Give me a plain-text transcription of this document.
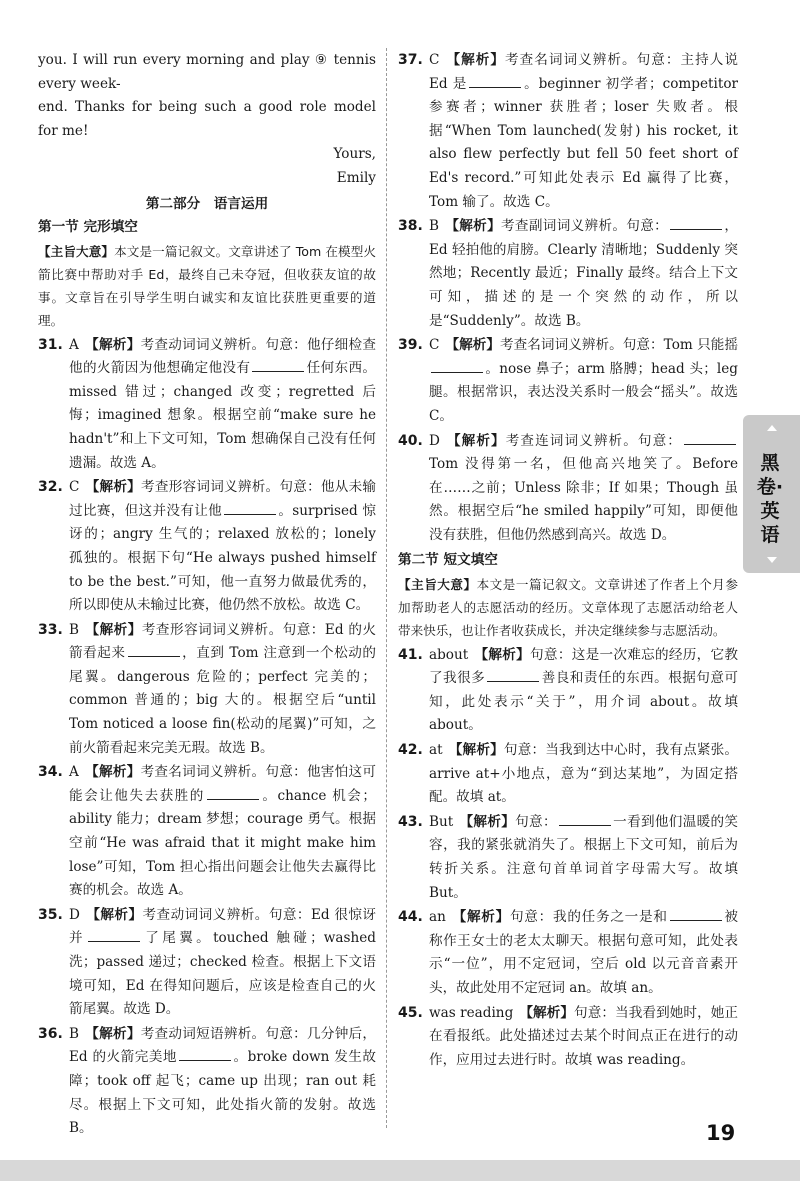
you. I will run every morning and play ⑨ tennis every week-

end. Thanks for being such a good role model for me!

Yours,

Emily

第二部分　语言运用

第一节 完形填空

【主旨大意】本文是一篇记叙文。文章讲述了 Tom 在模型火箭比赛中帮助对手 Ed，最终自己未夺冠，但收获友谊的故事。文章旨在引导学生明白诚实和友谊比获胜更重要的道理。

31. A 【解析】考查动词词义辨析。句意：他仔细检查他的火箭因为他想确定他没有	任何东西。missed 错过；changed 改变；regretted 后悔；imagined 想象。根据空前“make sure he hadn't”和上下文可知，Tom 想确保自己没有任何遗漏。故选 A。

32. C 【解析】考查形容词词义辨析。句意：他从未输过比赛，但这并没有让他	。surprised 惊讶的；angry 生气的；relaxed 放松的；lonely 孤独的。根据下句“He always pushed himself to be the best.”可知，他一直努力做最优秀的，所以即使从未输过比赛，他仍然不放松。故选 C。

33. B 【解析】考查形容词词义辨析。句意：Ed 的火箭看起来	，直到 Tom 注意到一个松动的尾翼。dangerous 危险的；perfect 完美的；common 普通的；big 大的。根据空后“until Tom noticed a loose fin(松动的尾翼)”可知，之前火箭看起来完美无瑕。故选 B。

34. A 【解析】考查名词词义辨析。句意：他害怕这可能会让他失去获胜的	。chance 机会；ability 能力；dream 梦想；courage 勇气。根据空前“He was afraid that it might make him lose”可知，Tom 担心指出问题会让他失去赢得比赛的机会。故选 A。

35. D 【解析】考查动词词义辨析。句意：Ed 很惊讶并	了尾翼。touched 触碰；washed 洗；passed 递过；checked 检查。根据上下文语境可知，Ed 在得知问题后，应该是检查自己的火箭尾翼。故选 D。

36. B 【解析】考查动词短语辨析。句意：几分钟后，Ed 的火箭完美地	。broke down 发生故障；took off 起飞；came up 出现；ran out 耗尽。根据上下文可知，此处指火箭的发射。故选 B。

37. C 【解析】考查名词词义辨析。句意：主持人说 Ed 是	。beginner 初学者；competitor 参赛者；winner 获胜者；loser 失败者。根据“When Tom launched(发射) his rocket, it also flew perfectly but fell 50 feet short of Ed's record.”可知此处表示 Ed 赢得了比赛，Tom 输了。故选 C。

38. B 【解析】考查副词词义辨析。句意：	，Ed 轻拍他的肩膀。Clearly 清晰地；Suddenly 突然地；Recently 最近；Finally 最终。结合上下文可知，描述的是一个突然的动作，所以是“Suddenly”。故选 B。

39. C 【解析】考查名词词义辨析。句意：Tom 只能摇。nose 鼻子；arm 胳膊；head 头；leg 腿。根据常识，表达没关系时一般会“摇头”。故选 C。

40. D 【解析】考查连词词义辨析。句意：Tom 没得第一名，但他高兴地笑了。Before 在……之前；Unless 除非；If 如果；Though 虽然。根据空后“he smiled happily”可知，即便他没有获胜，但他仍然感到高兴。故选 D。

第二节 短文填空

【主旨大意】本文是一篇记叙文。文章讲述了作者上个月参加帮助老人的志愿活动的经历。文章体现了志愿活动给老人带来快乐，也让作者收获成长，并决定继续参与志愿活动。

41. about 【解析】句意：这是一次难忘的经历，它教了我很多	善良和责任的东西。根据句意可知，此处表示“关于”，用介词 about。故填 about。

42. at 【解析】句意：当我到达中心时，我有点紧张。arrive at+小地点，意为“到达某地”，为固定搭配。故填 at。

43. But 【解析】句意：	一看到他们温暖的笑容，我的紧张就消失了。根据上下文可知，前后为转折关系。注意句首单词首字母需大写。故填 But。

44. an 【解析】句意：我的任务之一是和	被称作王女士的老太太聊天。根据句意可知，此处表示“一位”，用不定冠词，空后 old 以元音音素开头，故此处用不定冠词 an。故填 an。

45. was reading 【解析】句意：当我看到她时，她正在看报纸。此处描述过去某个时间点正在进行的动作，应用过去进行时。故填 was reading。

黑卷·英语
19
